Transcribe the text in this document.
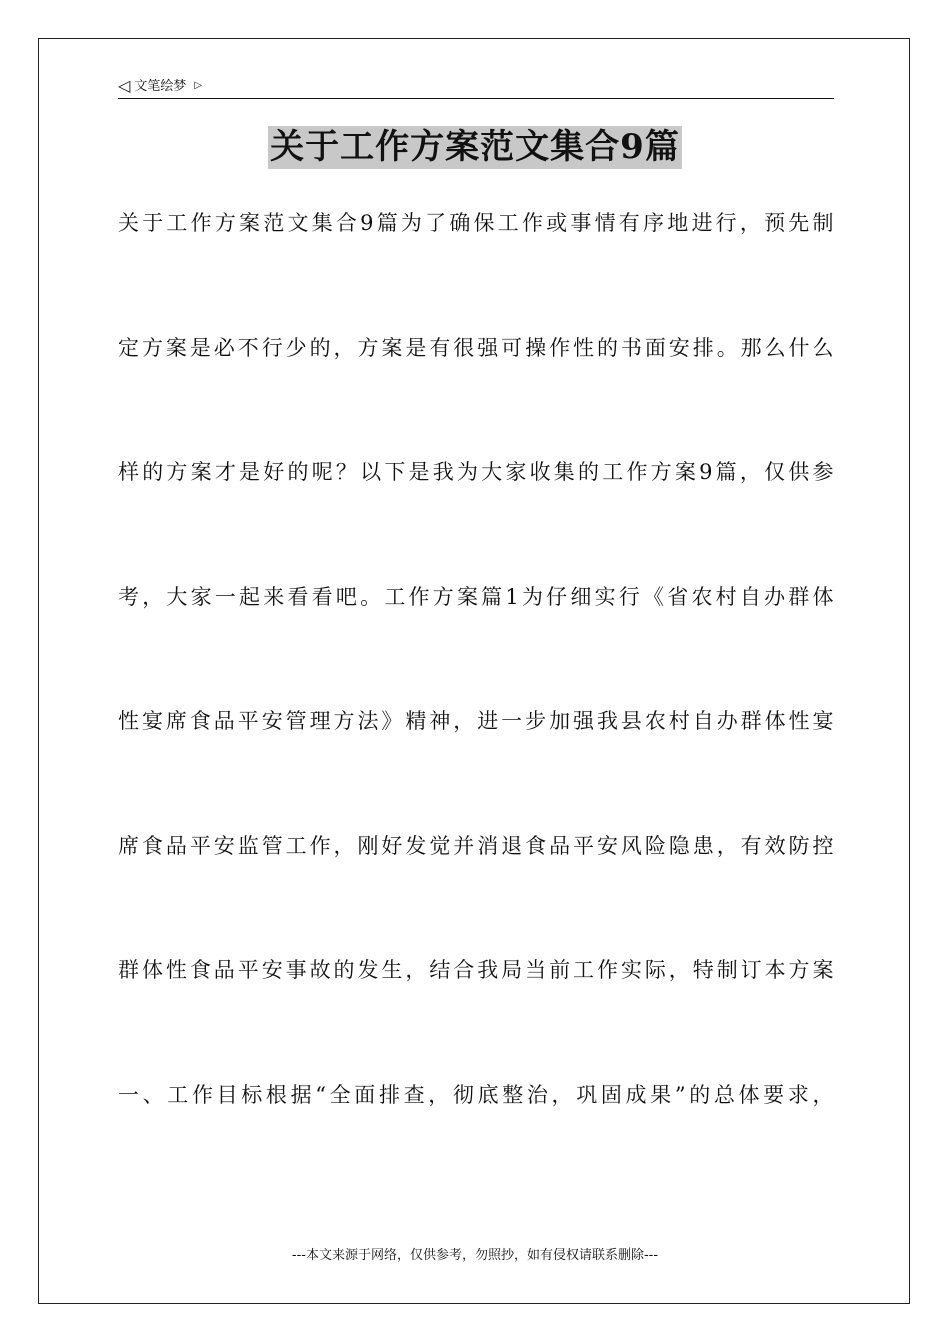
◁ 文笔绘梦 ▷
关于工作方案范文集合9篇
关于工作方案范文集合9篇为了确保工作或事情有序地进行，预先制
定方案是必不行少的，方案是有很强可操作性的书面安排。那么什么
样的方案才是好的呢？以下是我为大家收集的工作方案9篇，仅供参
考，大家一起来看看吧。工作方案篇1为仔细实行《省农村自办群体
性宴席食品平安管理方法》精神，进一步加强我县农村自办群体性宴
席食品平安监管工作，刚好发觉并消退食品平安风险隐患，有效防控
群体性食品平安事故的发生，结合我局当前工作实际，特制订本方案
一、工作目标根据“全面排查，彻底整治，巩固成果”的总体要求，
---本文来源于网络，仅供参考，勿照抄，如有侵权请联系删除---
